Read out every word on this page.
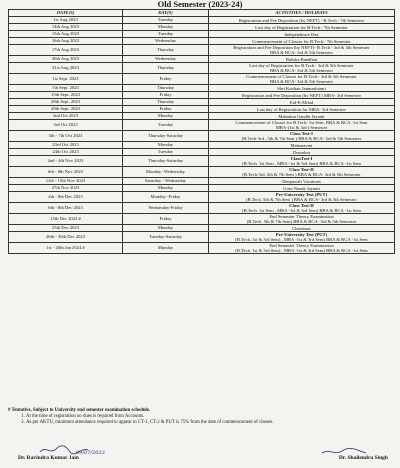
Old Semester (2023-24)
DATE(S)	DAY(S)	ACTIVITIES / HOLIDAYS
1st Aug 2023	Tuesday	Registration and Fee Deposition (by NEFT) - B.Tech.- 7th Semester

14th Aug 2023	Monday	Last day of Registration for B.Tech.- 7th Semester

15th Aug 2023	Tuesday	Independence Day

16th Aug 2023	Wednesday	Commencement of Classes for B.Tech.- 7th Semester

17th Aug 2023	Thursday	Registration and Fee Deposition (by NEFT)- B.Tech.- 3rd & 5th Semester
BBA & BCA- 3rd & 5th Semester

30th Aug 2023	Wednesday	Raksha Bandhan

31st Aug 2023	Thursday	Last day of Registration for B.Tech.- 3rd & 5th Semester
BBA & BCA- 3rd & 5th Semester

1st Sept. 2023	Friday	Commencement of Classes for B.Tech.- 3rd & 5th Semester
BBA & BCA- 3rd & 5th Semester

7th Sept. 2023	Thursday	Shri Krishan Janmashtami

15th Sept. 2023	Friday	Registration and Fee Deposition (by NEFT) MBA- 3rd Semester

28th Sept. 2023	Thursday	Eid-E-Milad

29th Sept. 2023	Friday	Last day of Registration for MBA- 3rd Semester

2nd Oct 2023	Monday	Mahatma Gandhi Jayanti

3rd Oct 2023	Tuesday	Commencement of Classes for B.Tech.-1st Sem, BBA & BCA -1st Sem
MBA-(1st & 3rd ) Semester

5th - 7th Oct 2023	Thursday-Saturday	Class Test-I
(B.Tech-3rd , 5th & 7th Sem ) BBA & BCA- 3rd & 5th Semester

23rd Oct 2023	Monday	Mahanavmi

24th Oct 2023	Tuesday	Dussehra

2nd - 4th Nov 2023	Thursday-Saturday	ClassTest-I
(B.Tech. 1st Sem , MBA -1st & 3rd Sem) BBA & BCA -1st Sem

6th - 8th Nov 2023	Monday -Wednesday	Class Test-II
(B.Tech-3rd, 5th & 7th Sem ) BBA & BCA- 3rd & 5th Semester

11th - 15th Nov 2023	Saturday - Wednesday	Deepawali Vacations

27th Nov 2023	Monday	Guru Nanak Jayanti

4th - 8th Dec 2023	Monday -Friday	Pre-University Test (PUT)
(B.Tech. 5th & 7th Sem ) BBA & BCA- 3rd & 5th Semester

6th - 8th Dec 2023	Wednesday-Friday	Class Test-II
(B.Tech. 1st Sem , MBA -1st & 3rd Sem) BBA & BCA -1st Sem

15th Dec 2023 #	Friday	End Semester Theory Examination
(B.Tech. 5th & 7th Sem) BBA & BCA- 3rd & 5th Semester

25th Dec 2023	Monday	Christmas

26th - 30th Dec 2023	Tuesday-Saturday	Pre-University Test (PUT)
(B.Tech. 1st & 3rd Sem) , MBA -1st & 3rd Sem) BBA & BCA -1st Sem

1st - 20th Jan 2024 #	Monday	End Semester Theory Examination
(B.Tech. 1st & 3rd Sem) , MBA -1st & 3rd Sem) BBA & BCA -1st Sem
# Tentative, Subject to University end semester examination schedule.
1. At the time of registration no dues is required from Accounts.
2. As per AKTU, minimum attendance required to appear in CT-1, CT-2 & PUT is 75% from the date of commencement of classes.
09/07/2023
Dr. Ravindra Kumar Jain	Dr. Shailendra Singh
